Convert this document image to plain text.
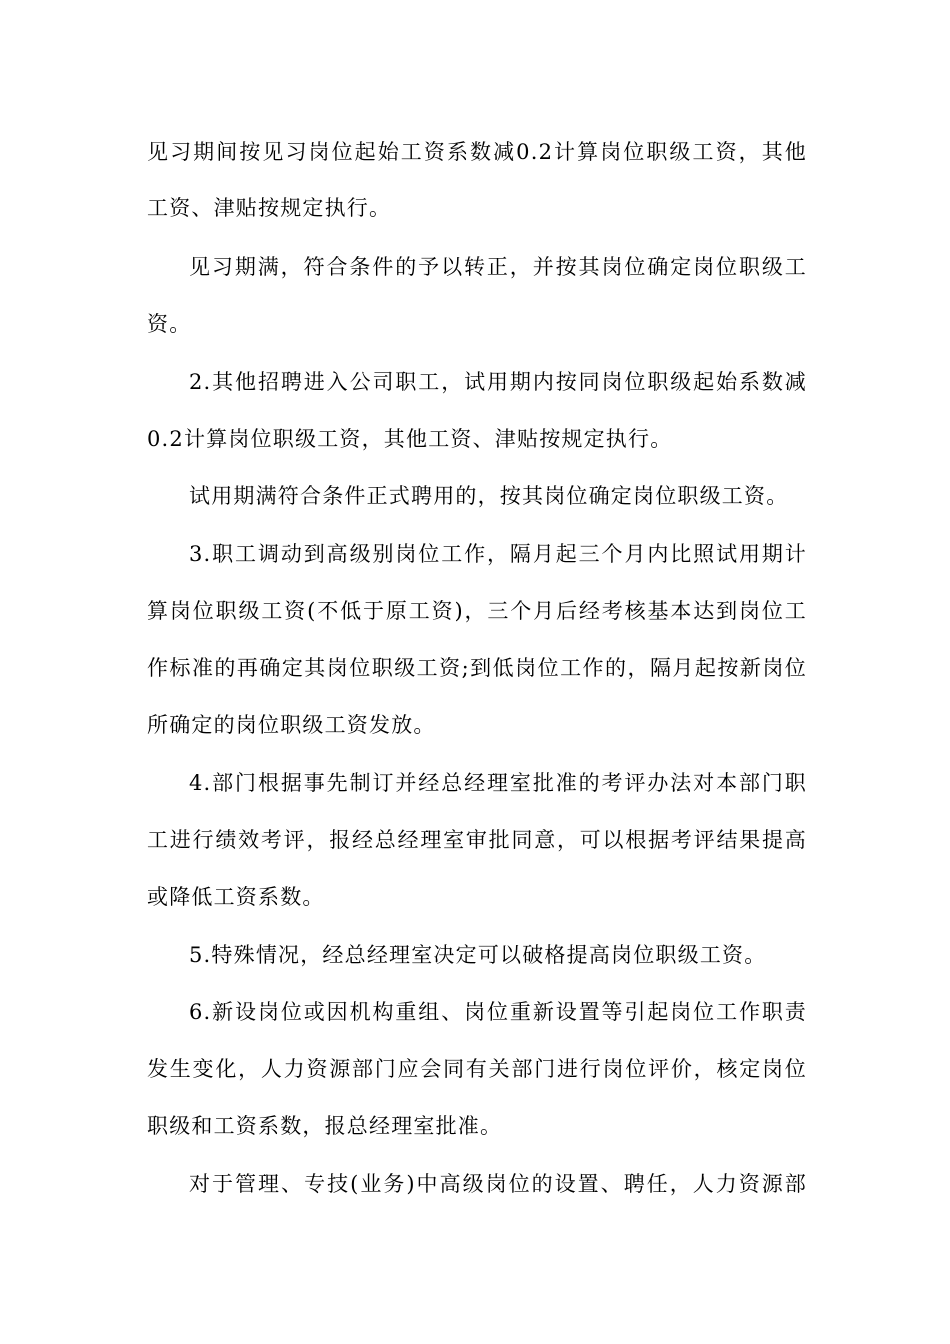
见习期间按见习岗位起始工资系数减0.2计算岗位职级工资，其他
工资、津贴按规定执行。
见习期满，符合条件的予以转正，并按其岗位确定岗位职级工
资。
2.其他招聘进入公司职工，试用期内按同岗位职级起始系数减
0.2计算岗位职级工资，其他工资、津贴按规定执行。
试用期满符合条件正式聘用的，按其岗位确定岗位职级工资。
3.职工调动到高级别岗位工作，隔月起三个月内比照试用期计
算岗位职级工资(不低于原工资)，三个月后经考核基本达到岗位工
作标准的再确定其岗位职级工资;到低岗位工作的，隔月起按新岗位
所确定的岗位职级工资发放。
4.部门根据事先制订并经总经理室批准的考评办法对本部门职
工进行绩效考评，报经总经理室审批同意，可以根据考评结果提高
或降低工资系数。
5.特殊情况，经总经理室决定可以破格提高岗位职级工资。
6.新设岗位或因机构重组、岗位重新设置等引起岗位工作职责
发生变化，人力资源部门应会同有关部门进行岗位评价，核定岗位
职级和工资系数，报总经理室批准。
对于管理、专技(业务)中高级岗位的设置、聘任，人力资源部
